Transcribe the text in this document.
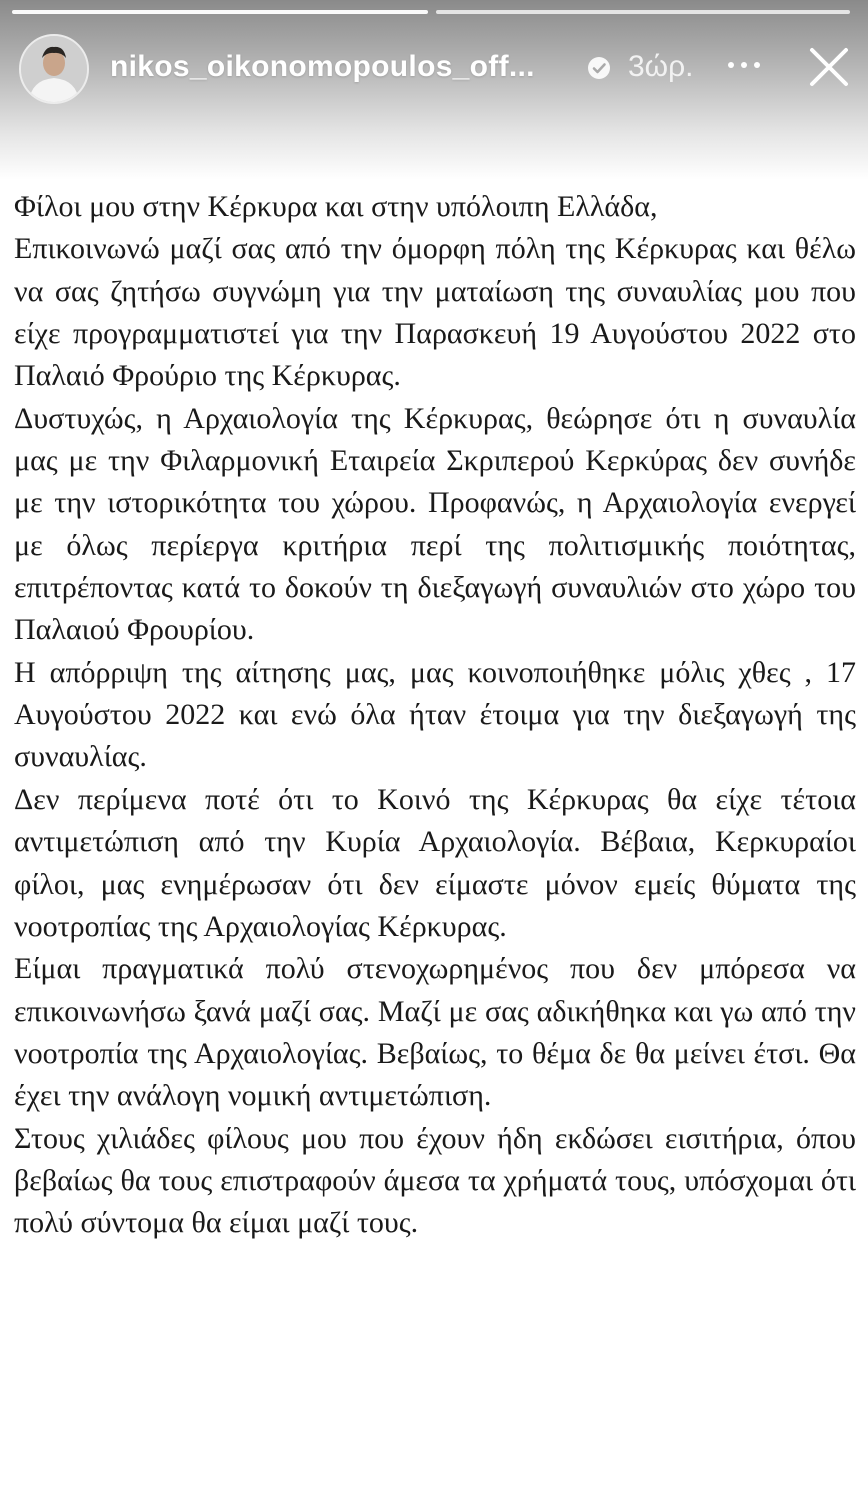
nikos_oikonomopoulos_off...	3ώρ.

Φίλοι μου στην Κέρκυρα και στην υπόλοιπη Ελλάδα,

Επικοινωνώ μαζί σας από την όμορφη πόλη της Κέρκυρας και θέλω να σας ζητήσω συγνώμη για την ματαίωση της συναυλίας μου που είχε προγραμματιστεί για την Παρασκευή 19 Αυγούστου 2022 στο Παλαιό Φρούριο της Κέρκυρας.

Δυστυχώς, η Αρχαιολογία της Κέρκυρας, θεώρησε ότι η συναυλία μας με την Φιλαρμονική Εταιρεία Σκριπερού Κερκύρας δεν συνήδε με την ιστορικότητα του χώρου. Προφανώς, η Αρχαιολογία ενεργεί με όλως περίεργα κριτήρια περί της πολιτισμικής ποιότητας, επιτρέποντας κατά το δοκούν τη διεξαγωγή συναυλιών στο χώρο του Παλαιού Φρουρίου.

Η απόρριψη της αίτησης μας, μας κοινοποιήθηκε μόλις χθες , 17 Αυγούστου 2022 και ενώ όλα ήταν έτοιμα για την διεξαγωγή της συναυλίας.

Δεν περίμενα ποτέ ότι το Κοινό της Κέρκυρας θα είχε τέτοια αντιμετώπιση από την Κυρία Αρχαιολογία. Βέβαια, Κερκυραίοι φίλοι, μας ενημέρωσαν ότι δεν είμαστε μόνον εμείς θύματα της νοοτροπίας της Αρχαιολογίας Κέρκυρας.

Είμαι πραγματικά πολύ στενοχωρημένος που δεν μπόρεσα να επικοινωνήσω ξανά μαζί σας. Μαζί με σας αδικήθηκα και γω από την νοοτροπία της Αρχαιολογίας. Βεβαίως, το θέμα δε θα μείνει έτσι. Θα έχει την ανάλογη νομική αντιμετώπιση.

Στους χιλιάδες φίλους μου που έχουν ήδη εκδώσει εισιτήρια, όπου βεβαίως θα τους επιστραφούν άμεσα τα χρήματά τους, υπόσχομαι ότι πολύ σύντομα θα είμαι μαζί τους.
